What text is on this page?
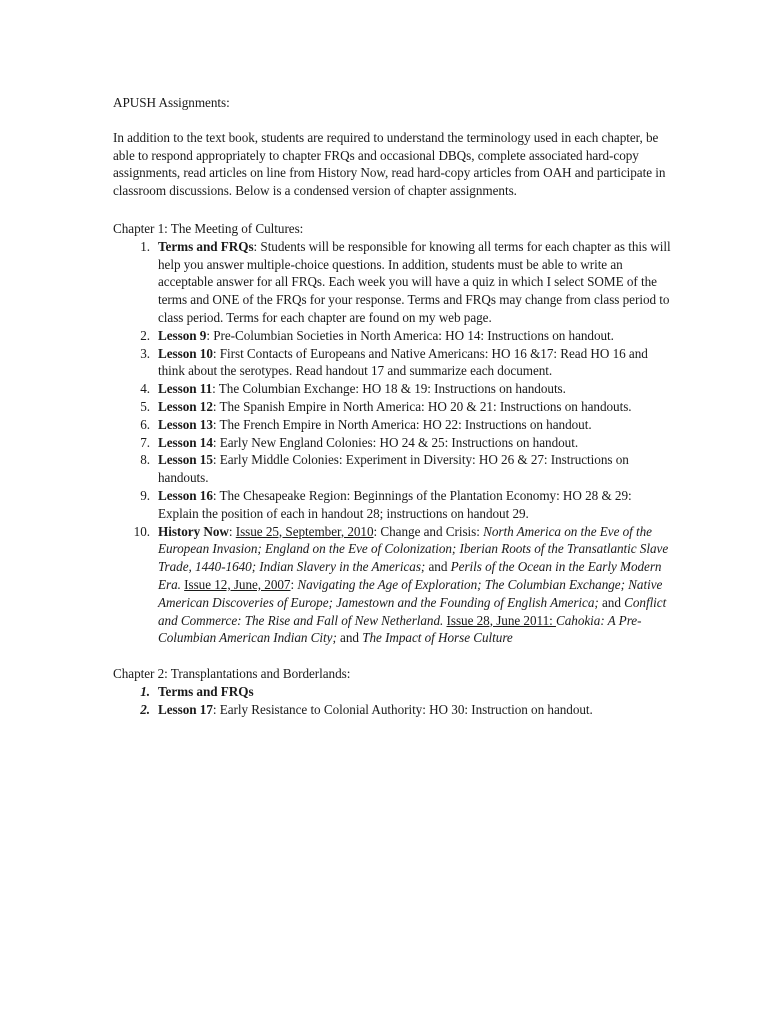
APUSH Assignments:

In addition to the text book, students are required to understand the terminology used in each chapter, be able to respond appropriately to chapter FRQs and occasional DBQs, complete associated hard-copy assignments, read articles on line from History Now, read hard-copy articles from OAH and participate in classroom discussions. Below is a condensed version of chapter assignments.

Chapter 1: The Meeting of Cultures:

1. Terms and FRQs: Students will be responsible for knowing all terms for each chapter as this will help you answer multiple-choice questions. In addition, students must be able to write an acceptable answer for all FRQs. Each week you will have a quiz in which I select SOME of the terms and ONE of the FRQs for your response. Terms and FRQs may change from class period to class period. Terms for each chapter are found on my web page.
2. Lesson 9: Pre-Columbian Societies in North America: HO 14: Instructions on handout.
3. Lesson 10: First Contacts of Europeans and Native Americans: HO 16 &17: Read HO 16 and think about the serotypes. Read handout 17 and summarize each document.
4. Lesson 11: The Columbian Exchange: HO 18 & 19: Instructions on handouts.
5. Lesson 12: The Spanish Empire in North America: HO 20 & 21: Instructions on handouts.
6. Lesson 13: The French Empire in North America: HO 22: Instructions on handout.
7. Lesson 14: Early New England Colonies: HO 24 & 25: Instructions on handout.
8. Lesson 15: Early Middle Colonies: Experiment in Diversity: HO 26 & 27: Instructions on handouts.
9. Lesson 16: The Chesapeake Region: Beginnings of the Plantation Economy: HO 28 & 29: Explain the position of each in handout 28; instructions on handout 29.
10. History Now: Issue 25, September, 2010: Change and Crisis: North America on the Eve of the European Invasion; England on the Eve of Colonization; Iberian Roots of the Transatlantic Slave Trade, 1440-1640; Indian Slavery in the Americas; and Perils of the Ocean in the Early Modern Era. Issue 12, June, 2007: Navigating the Age of Exploration; The Columbian Exchange; Native American Discoveries of Europe; Jamestown and the Founding of English America; and Conflict and Commerce: The Rise and Fall of New Netherland. Issue 28, June 2011: Cahokia: A Pre-Columbian American Indian City; and The Impact of Horse Culture

Chapter 2: Transplantations and Borderlands:

1. Terms and FRQs
2. Lesson 17: Early Resistance to Colonial Authority: HO 30: Instruction on handout.
